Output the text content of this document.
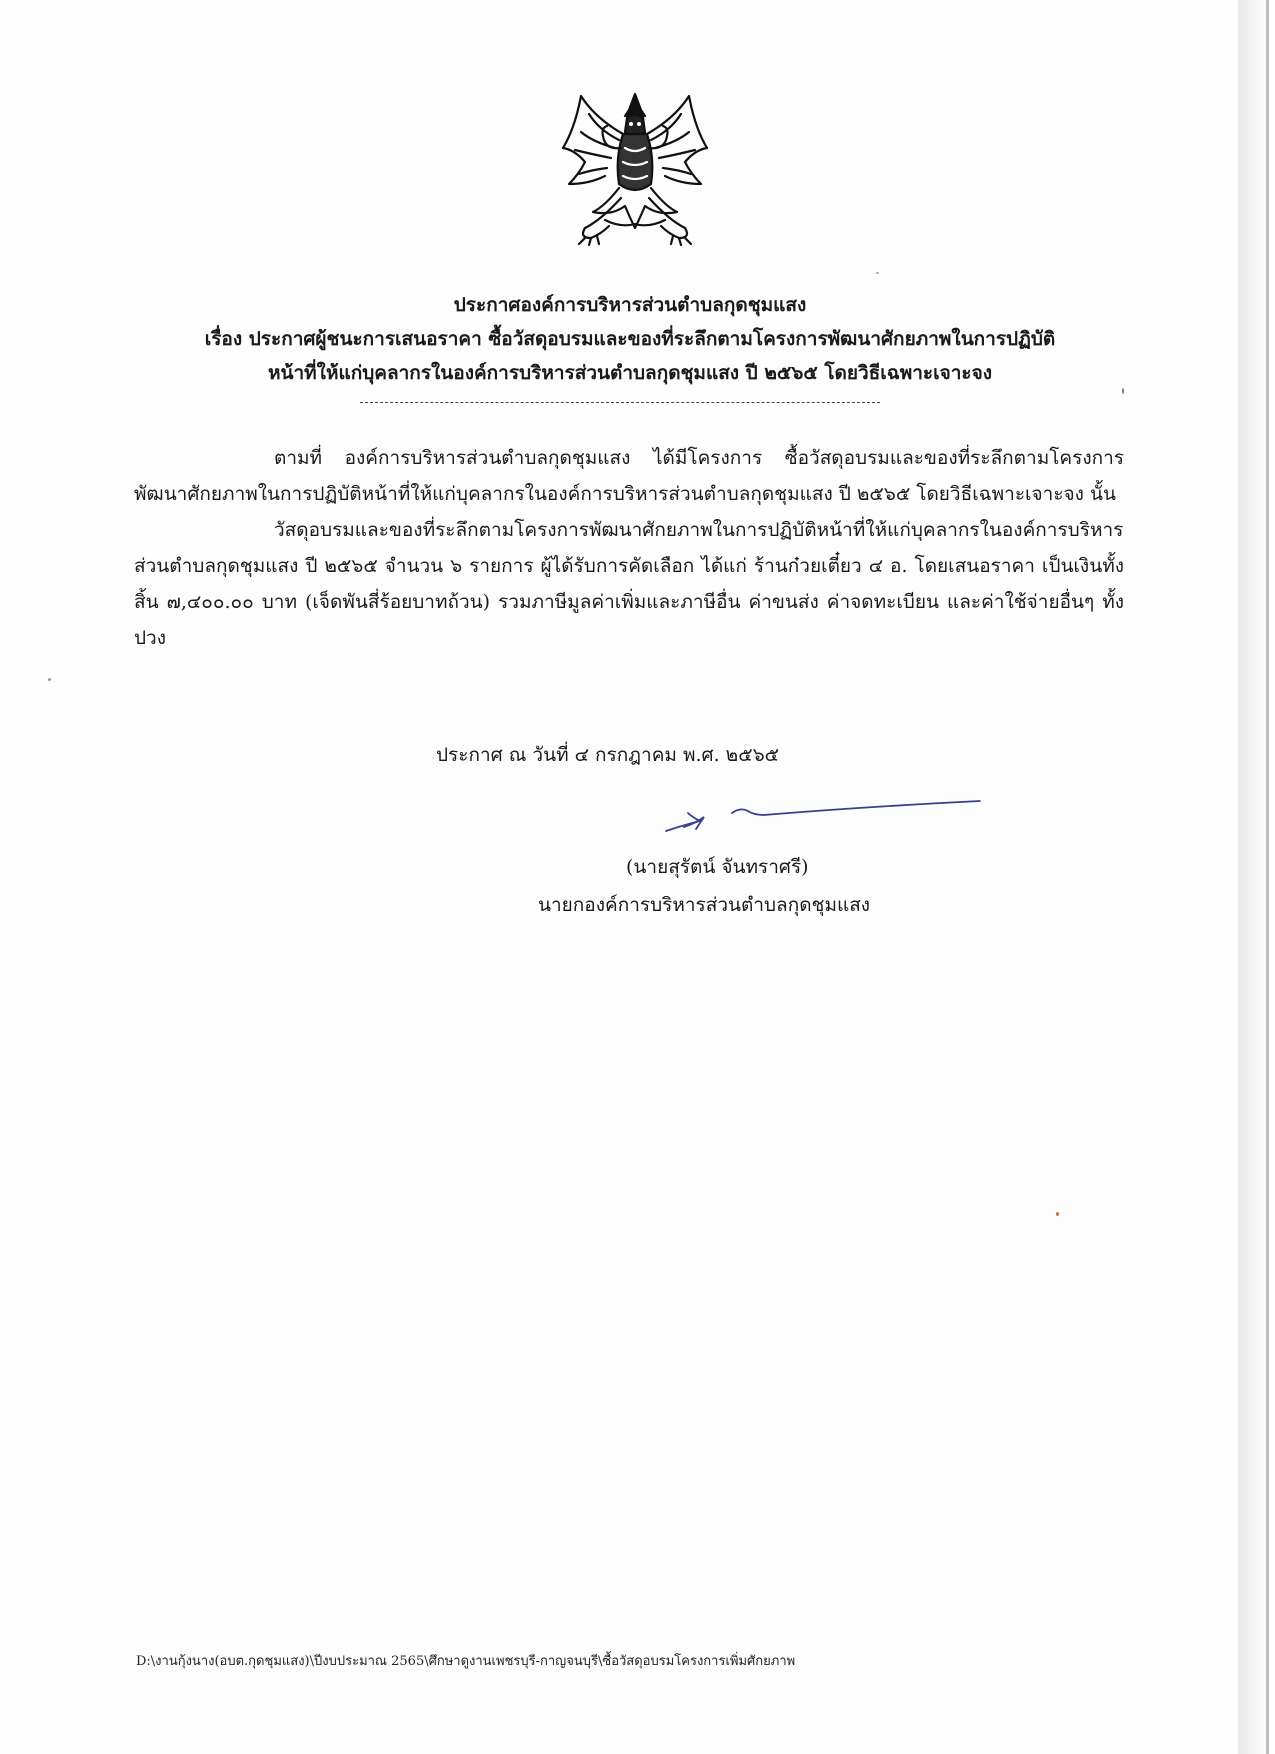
ประกาศองค์การบริหารส่วนตำบลกุดชุมแสง
เรื่อง ประกาศผู้ชนะการเสนอราคา ซื้อวัสดุอบรมและของที่ระลึกตามโครงการพัฒนาศักยภาพในการปฏิบัติ
หน้าที่ให้แก่บุคลากรในองค์การบริหารส่วนตำบลกุดชุมแสง ปี ๒๕๖๕ โดยวิธีเฉพาะเจาะจง

ตามที่ องค์การบริหารส่วนตำบลกุดชุมแสง ได้มีโครงการ ซื้อวัสดุอบรมและของที่ระลึกตามโครงการพัฒนาศักยภาพในการปฏิบัติหน้าที่ให้แก่บุคลากรในองค์การบริหารส่วนตำบลกุดชุมแสง ปี ๒๕๖๕ โดยวิธีเฉพาะเจาะจง นั้น

วัสดุอบรมและของที่ระลึกตามโครงการพัฒนาศักยภาพในการปฏิบัติหน้าที่ให้แก่บุคลากรในองค์การบริหารส่วนตำบลกุดชุมแสง ปี ๒๕๖๕ จำนวน ๖ รายการ ผู้ได้รับการคัดเลือก ได้แก่ ร้านก๋วยเตี๋ยว ๔ อ. โดยเสนอราคา เป็นเงินทั้งสิ้น ๗,๔๐๐.๐๐ บาท (เจ็ดพันสี่ร้อยบาทถ้วน) รวมภาษีมูลค่าเพิ่มและภาษีอื่น ค่าขนส่ง ค่าจดทะเบียน และค่าใช้จ่ายอื่นๆ ทั้งปวง

ประกาศ ณ วันที่ ๔ กรกฎาคม พ.ศ. ๒๕๖๕
(นายสุรัตน์ จันทราศรี)
นายกองค์การบริหารส่วนตำบลกุดชุมแสง
D:\งานกุ้งนาง(อบต.กุดชุมแสง)\ปีงบประมาณ 2565\ศึกษาดูงานเพชรบุรี-กาญจนบุรี\ซื้อวัสดุอบรมโครงการเพิ่มศักยภาพ
